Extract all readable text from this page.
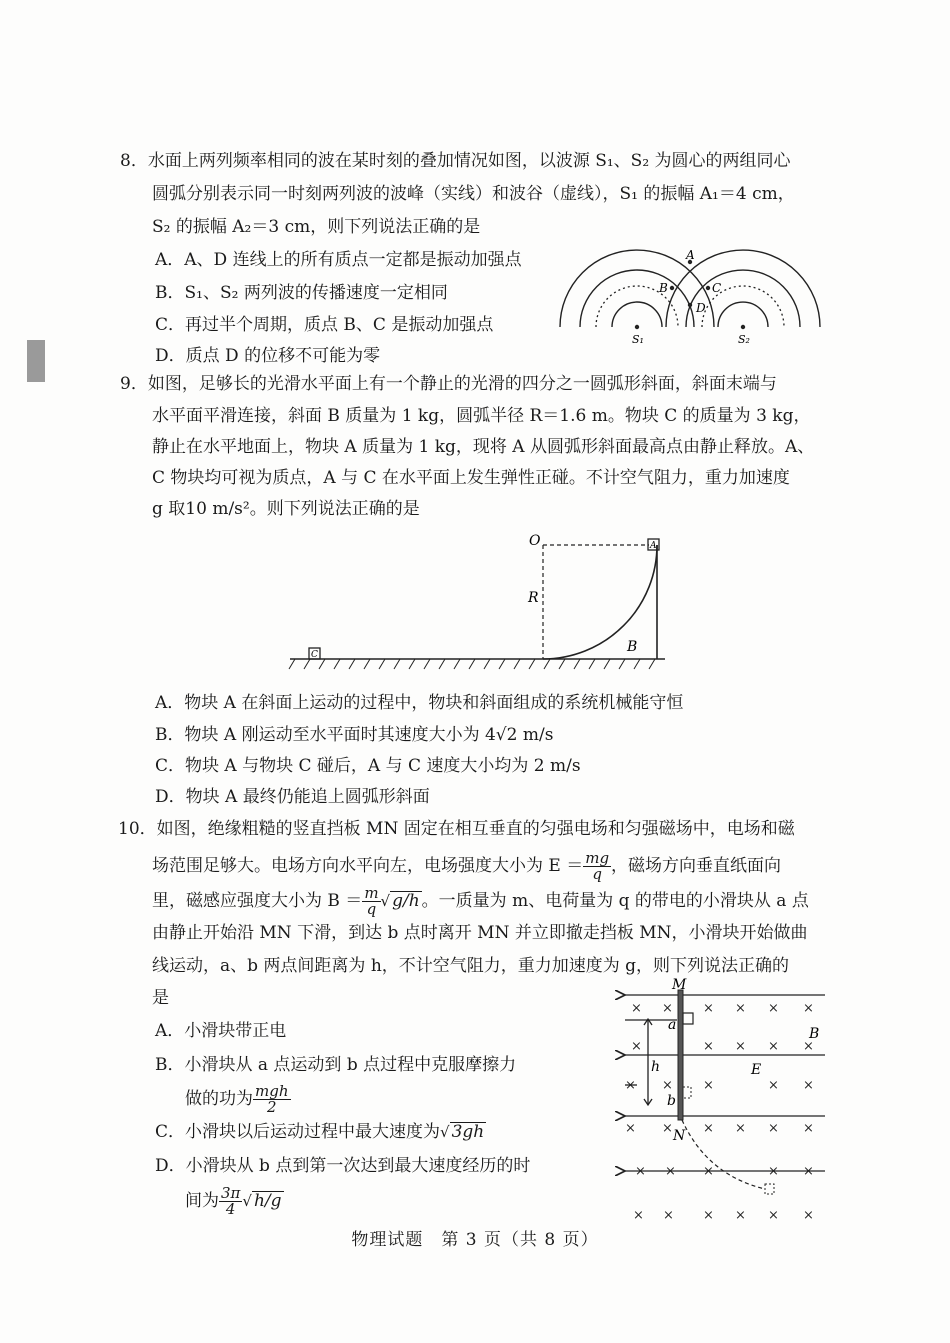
8．水面上两列频率相同的波在某时刻的叠加情况如图，以波源 S₁、S₂ 为圆心的两组同心
圆弧分别表示同一时刻两列波的波峰（实线）和波谷（虚线），S₁ 的振幅 A₁＝4 cm，
S₂ 的振幅 A₂＝3 cm，则下列说法正确的是
A．A、D 连线上的所有质点一定都是振动加强点
B．S₁、S₂ 两列波的传播速度一定相同
C．再过半个周期，质点 B、C 是振动加强点
D．质点 D 的位移不可能为零
A
B	C
D
S₁	S₂
9．如图，足够长的光滑水平面上有一个静止的光滑的四分之一圆弧形斜面，斜面末端与
水平面平滑连接，斜面 B 质量为 1 kg，圆弧半径 R＝1.6 m。物块 C 的质量为 3 kg，
静止在水平地面上，物块 A 质量为 1 kg，现将 A 从圆弧形斜面最高点由静止释放。A、
C 物块均可视为质点，A 与 C 在水平面上发生弹性正碰。不计空气阻力，重力加速度
g 取10 m/s²。则下列说法正确的是
A
C
O
R
B
A．物块 A 在斜面上运动的过程中，物块和斜面组成的系统机械能守恒
B．物块 A 刚运动至水平面时其速度大小为 4√2 m/s
C．物块 A 与物块 C 碰后，A 与 C 速度大小均为 2 m/s
D．物块 A 最终仍能追上圆弧形斜面
10．如图，绝缘粗糙的竖直挡板 MN 固定在相互垂直的匀强电场和匀强磁场中，电场和磁
场范围足够大。电场方向水平向左，电场强度大小为 $E = \frac{mg}{q}$ ，磁场方向垂直纸面向
里，磁感应强度大小为 $B = \frac{m}{q}$ √ g/h 。一质量为 m、电荷量为 q 的带电的小滑块从 a 点
由静止开始沿 MN 下滑，到达 b 点时离开 MN 并立即撤走挡板 MN，小滑块开始做曲
线运动，a、b 两点间距离为 h，不计空气阻力，重力加速度为 g，则下列说法正确的
是
A．小滑块带正电
B．小滑块从 a 点运动到 b 点过程中克服摩擦力
做的功为 $\frac{\text{mgh}}{2}$
C．小滑块以后运动过程中最大速度为√ 3gh
D．小滑块从 b 点到第一次达到最大速度经历的时
间为 $\frac{3\pi}{4}$ √ h/g
M
N
a
b
h	E
B
× × × × × ×
×	× × × ×
× × ×	× ×
× × × × × ×
× × ×	× ×
× × × × × ×
物理试题　第 3 页（共 8 页）
